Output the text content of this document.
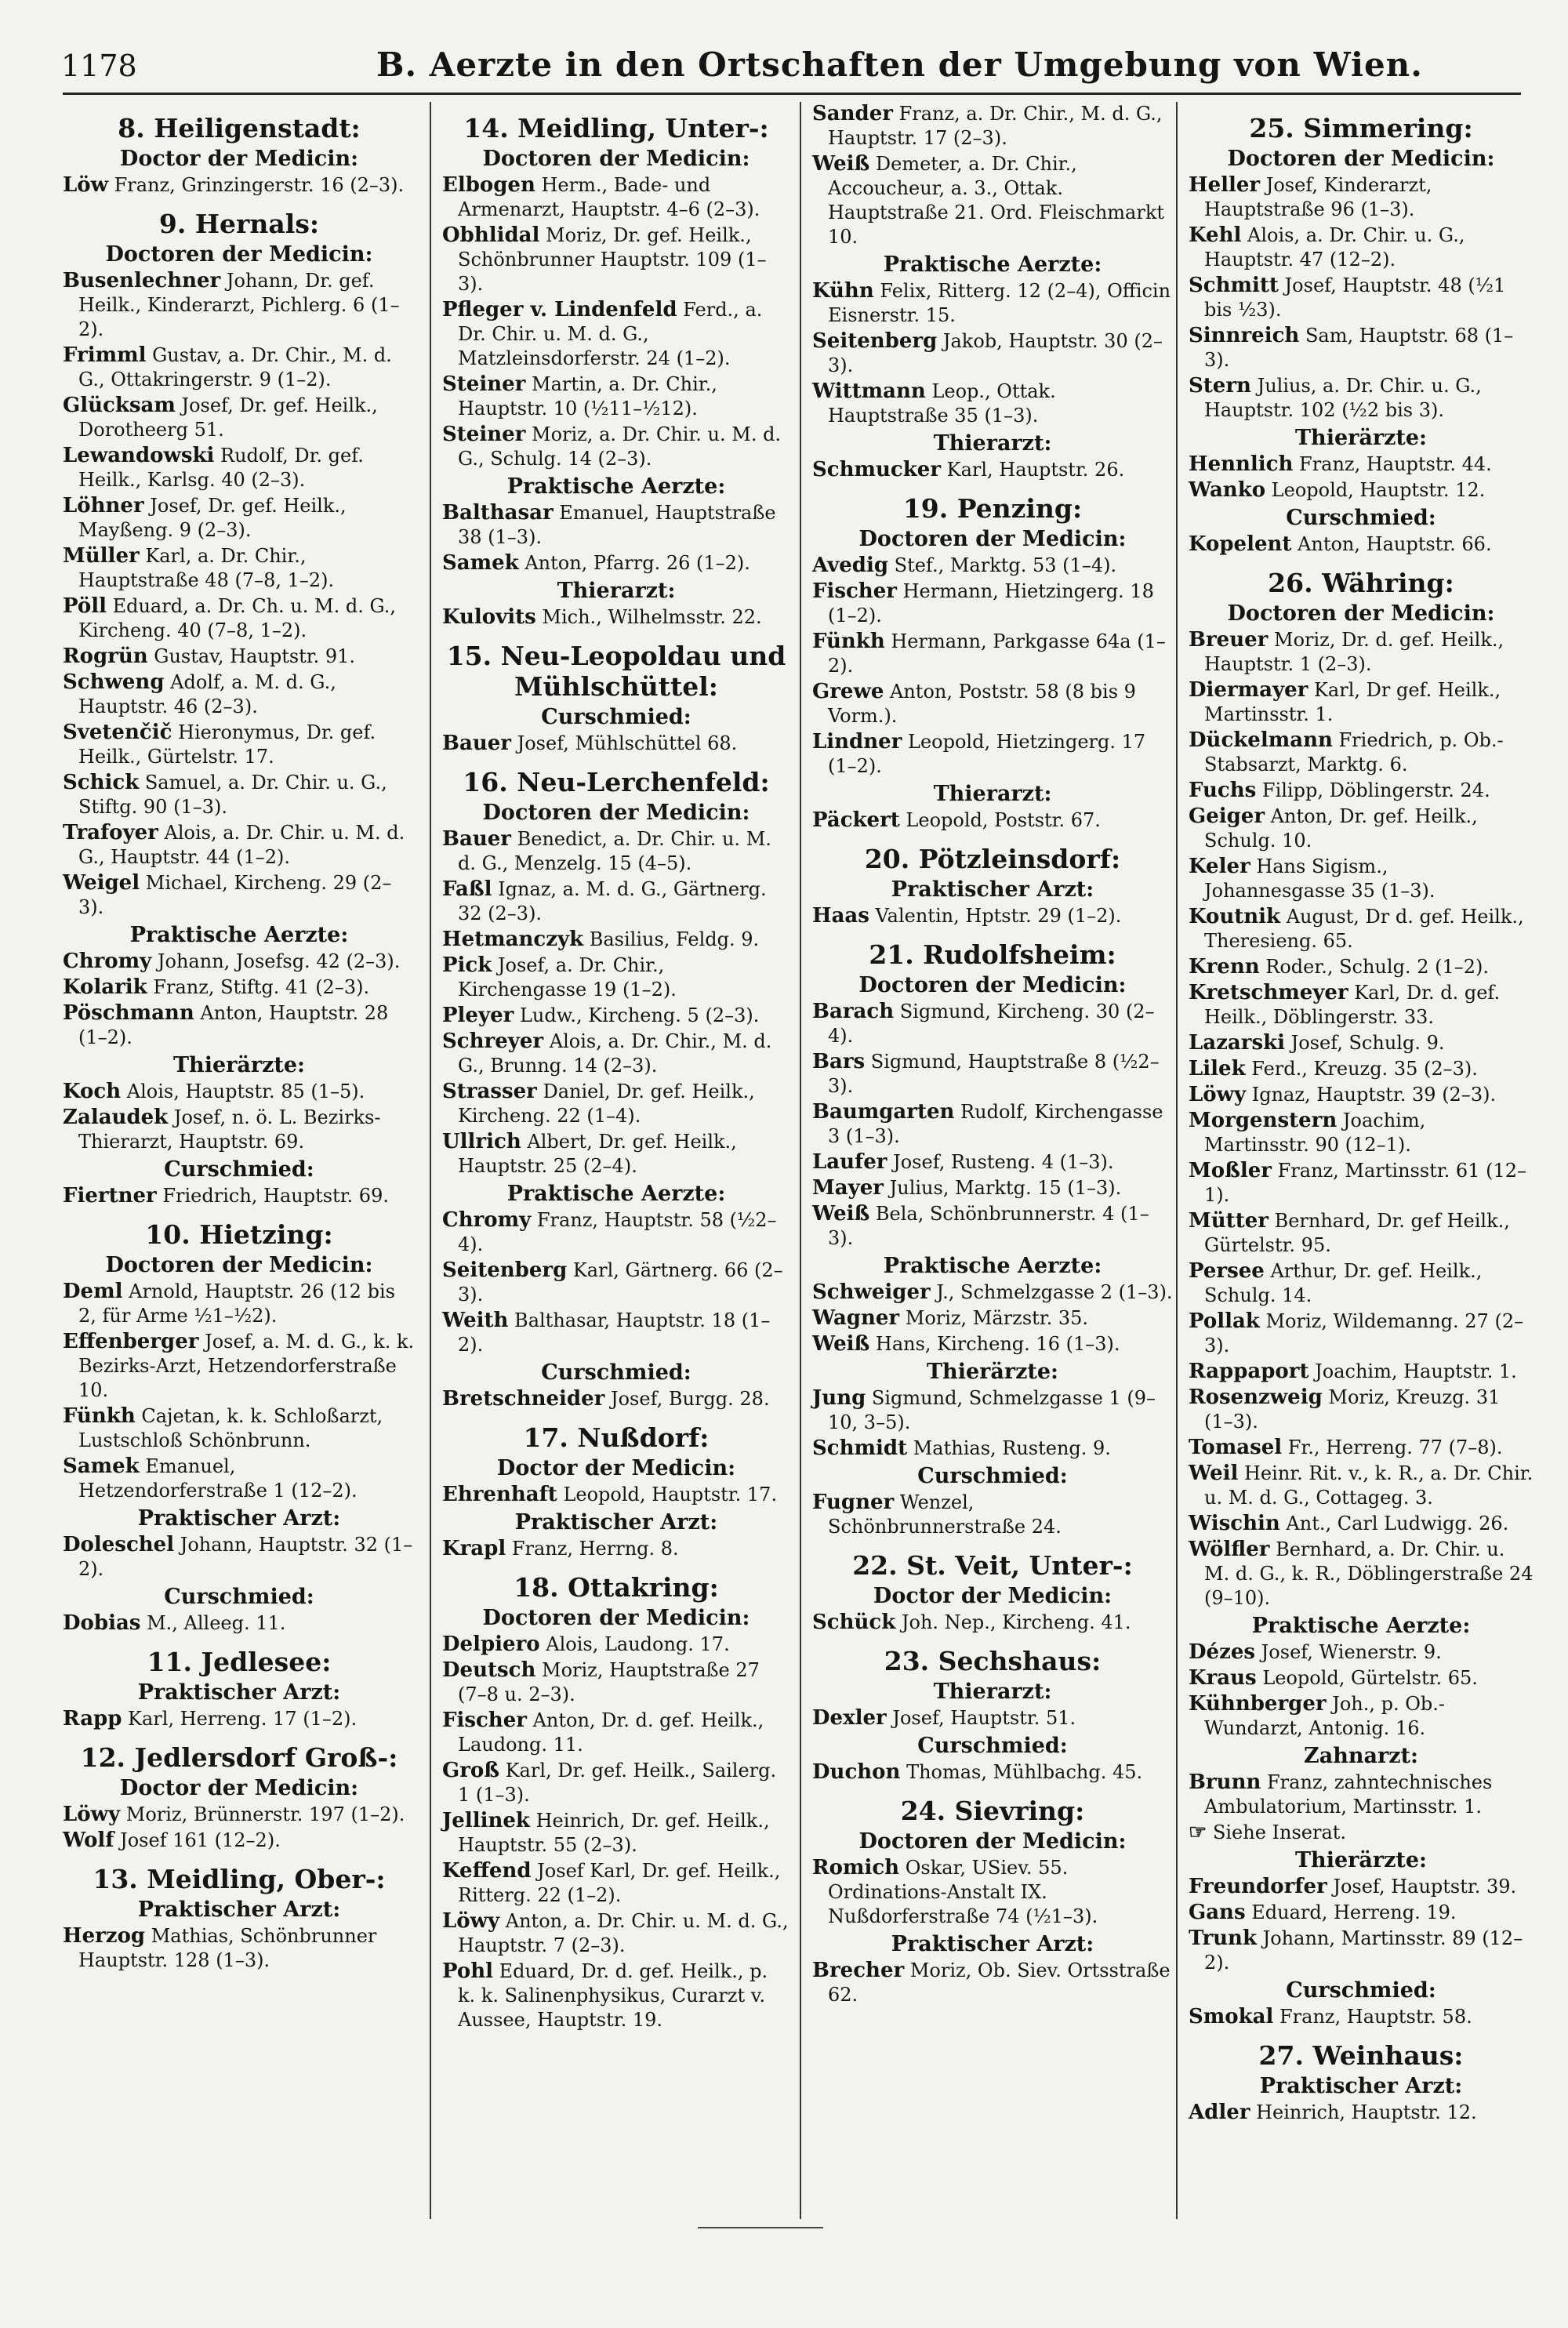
1178	B. Aerzte in den Ortschaften der Umgebung von Wien.
8. Heiligenstadt:
Doctor der Medicin:
Löw Franz, Grinzingerstr. 16 (2–3).
9. Hernals:
Doctoren der Medicin:
Busenlechner Johann, Dr. gef. Heilk., Kinderarzt, Pichlerg. 6 (1–2).
Frimml Gustav, a. Dr. Chir., M. d. G., Ottakringerstr. 9 (1–2).
Glücksam Josef, Dr. gef. Heilk., Dorotheerg 51.
Lewandowski Rudolf, Dr. gef. Heilk., Karlsg. 40 (2–3).
Löhner Josef, Dr. gef. Heilk., Mayßeng. 9 (2–3).
Müller Karl, a. Dr. Chir., Hauptstraße 48 (7–8, 1–2).
Pöll Eduard, a. Dr. Ch. u. M. d. G., Kircheng. 40 (7–8, 1–2).
Rogrün Gustav, Hauptstr. 91.
Schweng Adolf, a. M. d. G., Hauptstr. 46 (2–3).
Svetenčič Hieronymus, Dr. gef. Heilk., Gürtelstr. 17.
Schick Samuel, a. Dr. Chir. u. G., Stiftg. 90 (1–3).
Trafoyer Alois, a. Dr. Chir. u. M. d. G., Hauptstr. 44 (1–2).
Weigel Michael, Kircheng. 29 (2–3).
Praktische Aerzte:
Chromy Johann, Josefsg. 42 (2–3).
Kolarik Franz, Stiftg. 41 (2–3).
Pöschmann Anton, Hauptstr. 28 (1–2).
Thierärzte:
Koch Alois, Hauptstr. 85 (1–5).
Zalaudek Josef, n. ö. L. Bezirks-Thierarzt, Hauptstr. 69.
Curschmied:
Fiertner Friedrich, Hauptstr. 69.
10. Hietzing:
Doctoren der Medicin:
Deml Arnold, Hauptstr. 26 (12 bis 2, für Arme ½1–½2).
Effenberger Josef, a. M. d. G., k. k. Bezirks-Arzt, Hetzendorferstraße 10.
Fünkh Cajetan, k. k. Schloßarzt, Lustschloß Schönbrunn.
Samek Emanuel, Hetzendorferstraße 1 (12–2).
Praktischer Arzt:
Doleschel Johann, Hauptstr. 32 (1–2).
Curschmied:
Dobias M., Alleeg. 11.
11. Jedlesee:
Praktischer Arzt:
Rapp Karl, Herreng. 17 (1–2).
12. Jedlersdorf Groß-:
Doctor der Medicin:
Löwy Moriz, Brünnerstr. 197 (1–2).
Wolf Josef 161 (12–2).
13. Meidling, Ober-:
Praktischer Arzt:
Herzog Mathias, Schönbrunner Hauptstr. 128 (1–3).
14. Meidling, Unter-:
Doctoren der Medicin:
Elbogen Herm., Bade- und Armenarzt, Hauptstr. 4–6 (2–3).
Obhlidal Moriz, Dr. gef. Heilk., Schönbrunner Hauptstr. 109 (1–3).
Pfleger v. Lindenfeld Ferd., a. Dr. Chir. u. M. d. G., Matzleinsdorferstr. 24 (1–2).
Steiner Martin, a. Dr. Chir., Hauptstr. 10 (½11–½12).
Steiner Moriz, a. Dr. Chir. u. M. d. G., Schulg. 14 (2–3).
Praktische Aerzte:
Balthasar Emanuel, Hauptstraße 38 (1–3).
Samek Anton, Pfarrg. 26 (1–2).
Thierarzt:
Kulovits Mich., Wilhelmsstr. 22.
15. Neu-Leopoldau und Mühlschüttel:
Curschmied:
Bauer Josef, Mühlschüttel 68.
16. Neu-Lerchenfeld:
Doctoren der Medicin:
Bauer Benedict, a. Dr. Chir. u. M. d. G., Menzelg. 15 (4–5).
Faßl Ignaz, a. M. d. G., Gärtnerg. 32 (2–3).
Hetmanczyk Basilius, Feldg. 9.
Pick Josef, a. Dr. Chir., Kirchengasse 19 (1–2).
Pleyer Ludw., Kircheng. 5 (2–3).
Schreyer Alois, a. Dr. Chir., M. d. G., Brunng. 14 (2–3).
Strasser Daniel, Dr. gef. Heilk., Kircheng. 22 (1–4).
Ullrich Albert, Dr. gef. Heilk., Hauptstr. 25 (2–4).
Praktische Aerzte:
Chromy Franz, Hauptstr. 58 (½2–4).
Seitenberg Karl, Gärtnerg. 66 (2–3).
Weith Balthasar, Hauptstr. 18 (1–2).
Curschmied:
Bretschneider Josef, Burgg. 28.
17. Nußdorf:
Doctor der Medicin:
Ehrenhaft Leopold, Hauptstr. 17.
Praktischer Arzt:
Krapl Franz, Herrng. 8.
18. Ottakring:
Doctoren der Medicin:
Delpiero Alois, Laudong. 17.
Deutsch Moriz, Hauptstraße 27 (7–8 u. 2–3).
Fischer Anton, Dr. d. gef. Heilk., Laudong. 11.
Groß Karl, Dr. gef. Heilk., Sailerg. 1 (1–3).
Jellinek Heinrich, Dr. gef. Heilk., Hauptstr. 55 (2–3).
Keffend Josef Karl, Dr. gef. Heilk., Ritterg. 22 (1–2).
Löwy Anton, a. Dr. Chir. u. M. d. G., Hauptstr. 7 (2–3).
Pohl Eduard, Dr. d. gef. Heilk., p. k. k. Salinenphysikus, Curarzt v. Aussee, Hauptstr. 19.
Sander Franz, a. Dr. Chir., M. d. G., Hauptstr. 17 (2–3).
Weiß Demeter, a. Dr. Chir., Accoucheur, a. 3., Ottak. Hauptstraße 21. Ord. Fleischmarkt 10.
Praktische Aerzte:
Kühn Felix, Ritterg. 12 (2–4), Officin Eisnerstr. 15.
Seitenberg Jakob, Hauptstr. 30 (2–3).
Wittmann Leop., Ottak. Hauptstraße 35 (1–3).
Thierarzt:
Schmucker Karl, Hauptstr. 26.
19. Penzing:
Doctoren der Medicin:
Avedig Stef., Marktg. 53 (1–4).
Fischer Hermann, Hietzingerg. 18 (1–2).
Fünkh Hermann, Parkgasse 64a (1–2).
Grewe Anton, Poststr. 58 (8 bis 9 Vorm.).
Lindner Leopold, Hietzingerg. 17 (1–2).
Thierarzt:
Päckert Leopold, Poststr. 67.
20. Pötzleinsdorf:
Praktischer Arzt:
Haas Valentin, Hptstr. 29 (1–2).
21. Rudolfsheim:
Doctoren der Medicin:
Barach Sigmund, Kircheng. 30 (2–4).
Bars Sigmund, Hauptstraße 8 (½2–3).
Baumgarten Rudolf, Kirchengasse 3 (1–3).
Laufer Josef, Rusteng. 4 (1–3).
Mayer Julius, Marktg. 15 (1–3).
Weiß Bela, Schönbrunnerstr. 4 (1–3).
Praktische Aerzte:
Schweiger J., Schmelzgasse 2 (1–3).
Wagner Moriz, Märzstr. 35.
Weiß Hans, Kircheng. 16 (1–3).
Thierärzte:
Jung Sigmund, Schmelzgasse 1 (9–10, 3–5).
Schmidt Mathias, Rusteng. 9.
Curschmied:
Fugner Wenzel, Schönbrunnerstraße 24.
22. St. Veit, Unter-:
Doctor der Medicin:
Schück Joh. Nep., Kircheng. 41.
23. Sechshaus:
Thierarzt:
Dexler Josef, Hauptstr. 51.
Curschmied:
Duchon Thomas, Mühlbachg. 45.
24. Sievring:
Doctoren der Medicin:
Romich Oskar, USiev. 55. Ordinations-Anstalt IX. Nußdorferstraße 74 (½1–3).
Praktischer Arzt:
Brecher Moriz, Ob. Siev. Ortsstraße 62.
25. Simmering:
Doctoren der Medicin:
Heller Josef, Kinderarzt, Hauptstraße 96 (1–3).
Kehl Alois, a. Dr. Chir. u. G., Hauptstr. 47 (12–2).
Schmitt Josef, Hauptstr. 48 (½1 bis ½3).
Sinnreich Sam, Hauptstr. 68 (1–3).
Stern Julius, a. Dr. Chir. u. G., Hauptstr. 102 (½2 bis 3).
Thierärzte:
Hennlich Franz, Hauptstr. 44.
Wanko Leopold, Hauptstr. 12.
Curschmied:
Kopelent Anton, Hauptstr. 66.
26. Währing:
Doctoren der Medicin:
Breuer Moriz, Dr. d. gef. Heilk., Hauptstr. 1 (2–3).
Diermayer Karl, Dr gef. Heilk., Martinsstr. 1.
Dückelmann Friedrich, p. Ob.-Stabsarzt, Marktg. 6.
Fuchs Filipp, Döblingerstr. 24.
Geiger Anton, Dr. gef. Heilk., Schulg. 10.
Keler Hans Sigism., Johannesgasse 35 (1–3).
Koutnik August, Dr d. gef. Heilk., Theresieng. 65.
Krenn Roder., Schulg. 2 (1–2).
Kretschmeyer Karl, Dr. d. gef. Heilk., Döblingerstr. 33.
Lazarski Josef, Schulg. 9.
Lilek Ferd., Kreuzg. 35 (2–3).
Löwy Ignaz, Hauptstr. 39 (2–3).
Morgenstern Joachim, Martinsstr. 90 (12–1).
Moßler Franz, Martinsstr. 61 (12–1).
Mütter Bernhard, Dr. gef Heilk., Gürtelstr. 95.
Persee Arthur, Dr. gef. Heilk., Schulg. 14.
Pollak Moriz, Wildemanng. 27 (2–3).
Rappaport Joachim, Hauptstr. 1.
Rosenzweig Moriz, Kreuzg. 31 (1–3).
Tomasel Fr., Herreng. 77 (7–8).
Weil Heinr. Rit. v., k. R., a. Dr. Chir. u. M. d. G., Cottageg. 3.
Wischin Ant., Carl Ludwigg. 26.
Wölfler Bernhard, a. Dr. Chir. u. M. d. G., k. R., Döblingerstraße 24 (9–10).
Praktische Aerzte:
Dézes Josef, Wienerstr. 9.
Kraus Leopold, Gürtelstr. 65.
Kühnberger Joh., p. Ob.-Wundarzt, Antonig. 16.
Zahnarzt:
Brunn Franz, zahntechnisches Ambulatorium, Martinsstr. 1.
☞ Siehe Inserat.
Thierärzte:
Freundorfer Josef, Hauptstr. 39.
Gans Eduard, Herreng. 19.
Trunk Johann, Martinsstr. 89 (12–2).
Curschmied:
Smokal Franz, Hauptstr. 58.
27. Weinhaus:
Praktischer Arzt:
Adler Heinrich, Hauptstr. 12.
